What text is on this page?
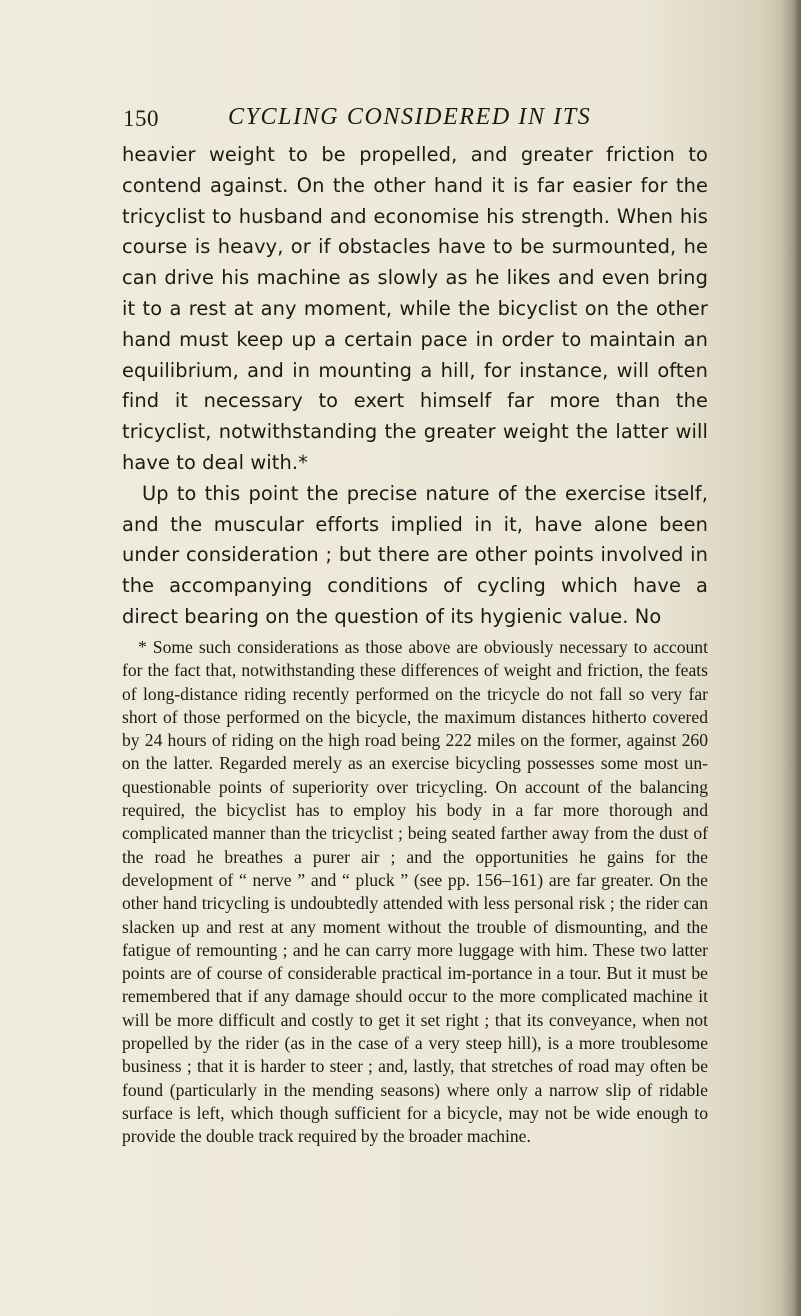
150	CYCLING CONSIDERED IN ITS

heavier weight to be propelled, and greater friction to contend against. On the other hand it is far easier for the tricyclist to husband and economise his strength. When his course is heavy, or if obstacles have to be surmounted, he can drive his machine as slowly as he likes and even bring it to a rest at any moment, while the bicyclist on the other hand must keep up a certain pace in order to maintain an equilibrium, and in mounting a hill, for instance, will often find it necessary to exert himself far more than the tricyclist, notwithstanding the greater weight the latter will have to deal with.*

Up to this point the precise nature of the exercise itself, and the muscular efforts implied in it, have alone been under consideration ; but there are other points involved in the accompanying conditions of cycling which have a direct bearing on the question of its hygienic value. No

* Some such considerations as those above are obviously necessary to account for the fact that, notwithstanding these differences of weight and friction, the feats of long-distance riding recently performed on the tricycle do not fall so very far short of those performed on the bicycle, the maximum distances hitherto covered by 24 hours of riding on the high road being 222 miles on the former, against 260 on the latter. Regarded merely as an exercise bicycling possesses some most un-questionable points of superiority over tricycling. On account of the balancing required, the bicyclist has to employ his body in a far more thorough and complicated manner than the tricyclist ; being seated farther away from the dust of the road he breathes a purer air ; and the opportunities he gains for the development of “ nerve ” and “ pluck ” (see pp. 156–161) are far greater. On the other hand tricycling is undoubtedly attended with less personal risk ; the rider can slacken up and rest at any moment without the trouble of dismounting, and the fatigue of remounting ; and he can carry more luggage with him. These two latter points are of course of considerable practical im-portance in a tour. But it must be remembered that if any damage should occur to the more complicated machine it will be more difficult and costly to get it set right ; that its conveyance, when not propelled by the rider (as in the case of a very steep hill), is a more troublesome business ; that it is harder to steer ; and, lastly, that stretches of road may often be found (particularly in the mending seasons) where only a narrow slip of ridable surface is left, which though sufficient for a bicycle, may not be wide enough to provide the double track required by the broader machine.
